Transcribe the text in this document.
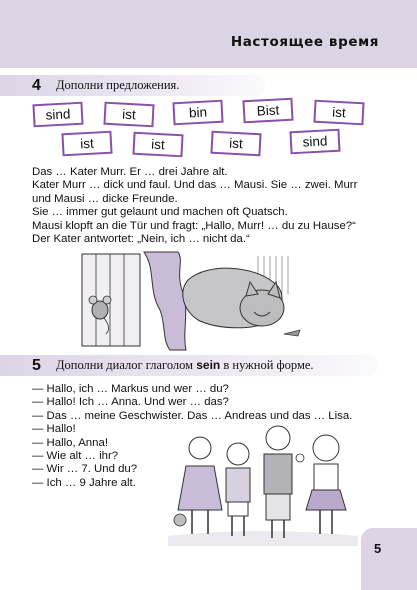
Настоящее время
4 Дополни предложения.
sind	ist	bin	Bist	ist
ist	ist	ist	sind
Das … Kater Murr. Er … drei Jahre alt.
Kater Murr … dick und faul. Und das … Mausi. Sie … zwei. Murr
und Mausi … dicke Freunde.
Sie … immer gut gelaunt und machen oft Quatsch.
Mausi klopft an die Tür und fragt: „Hallo, Murr! … du zu Hause?“
Der Kater antwortet: „Nein, ich … nicht da.“
5 Дополни диалог глаголом sein в нужной форме.
— Hallo, ich … Markus und wer … du?
— Hallo! Ich … Anna. Und wer … das?
— Das … meine Geschwister. Das … Andreas und das … Lisa.
— Hallo!
— Hallo, Anna!
— Wie alt … ihr?
— Wir … 7. Und du?
— Ich … 9 Jahre alt.
5
